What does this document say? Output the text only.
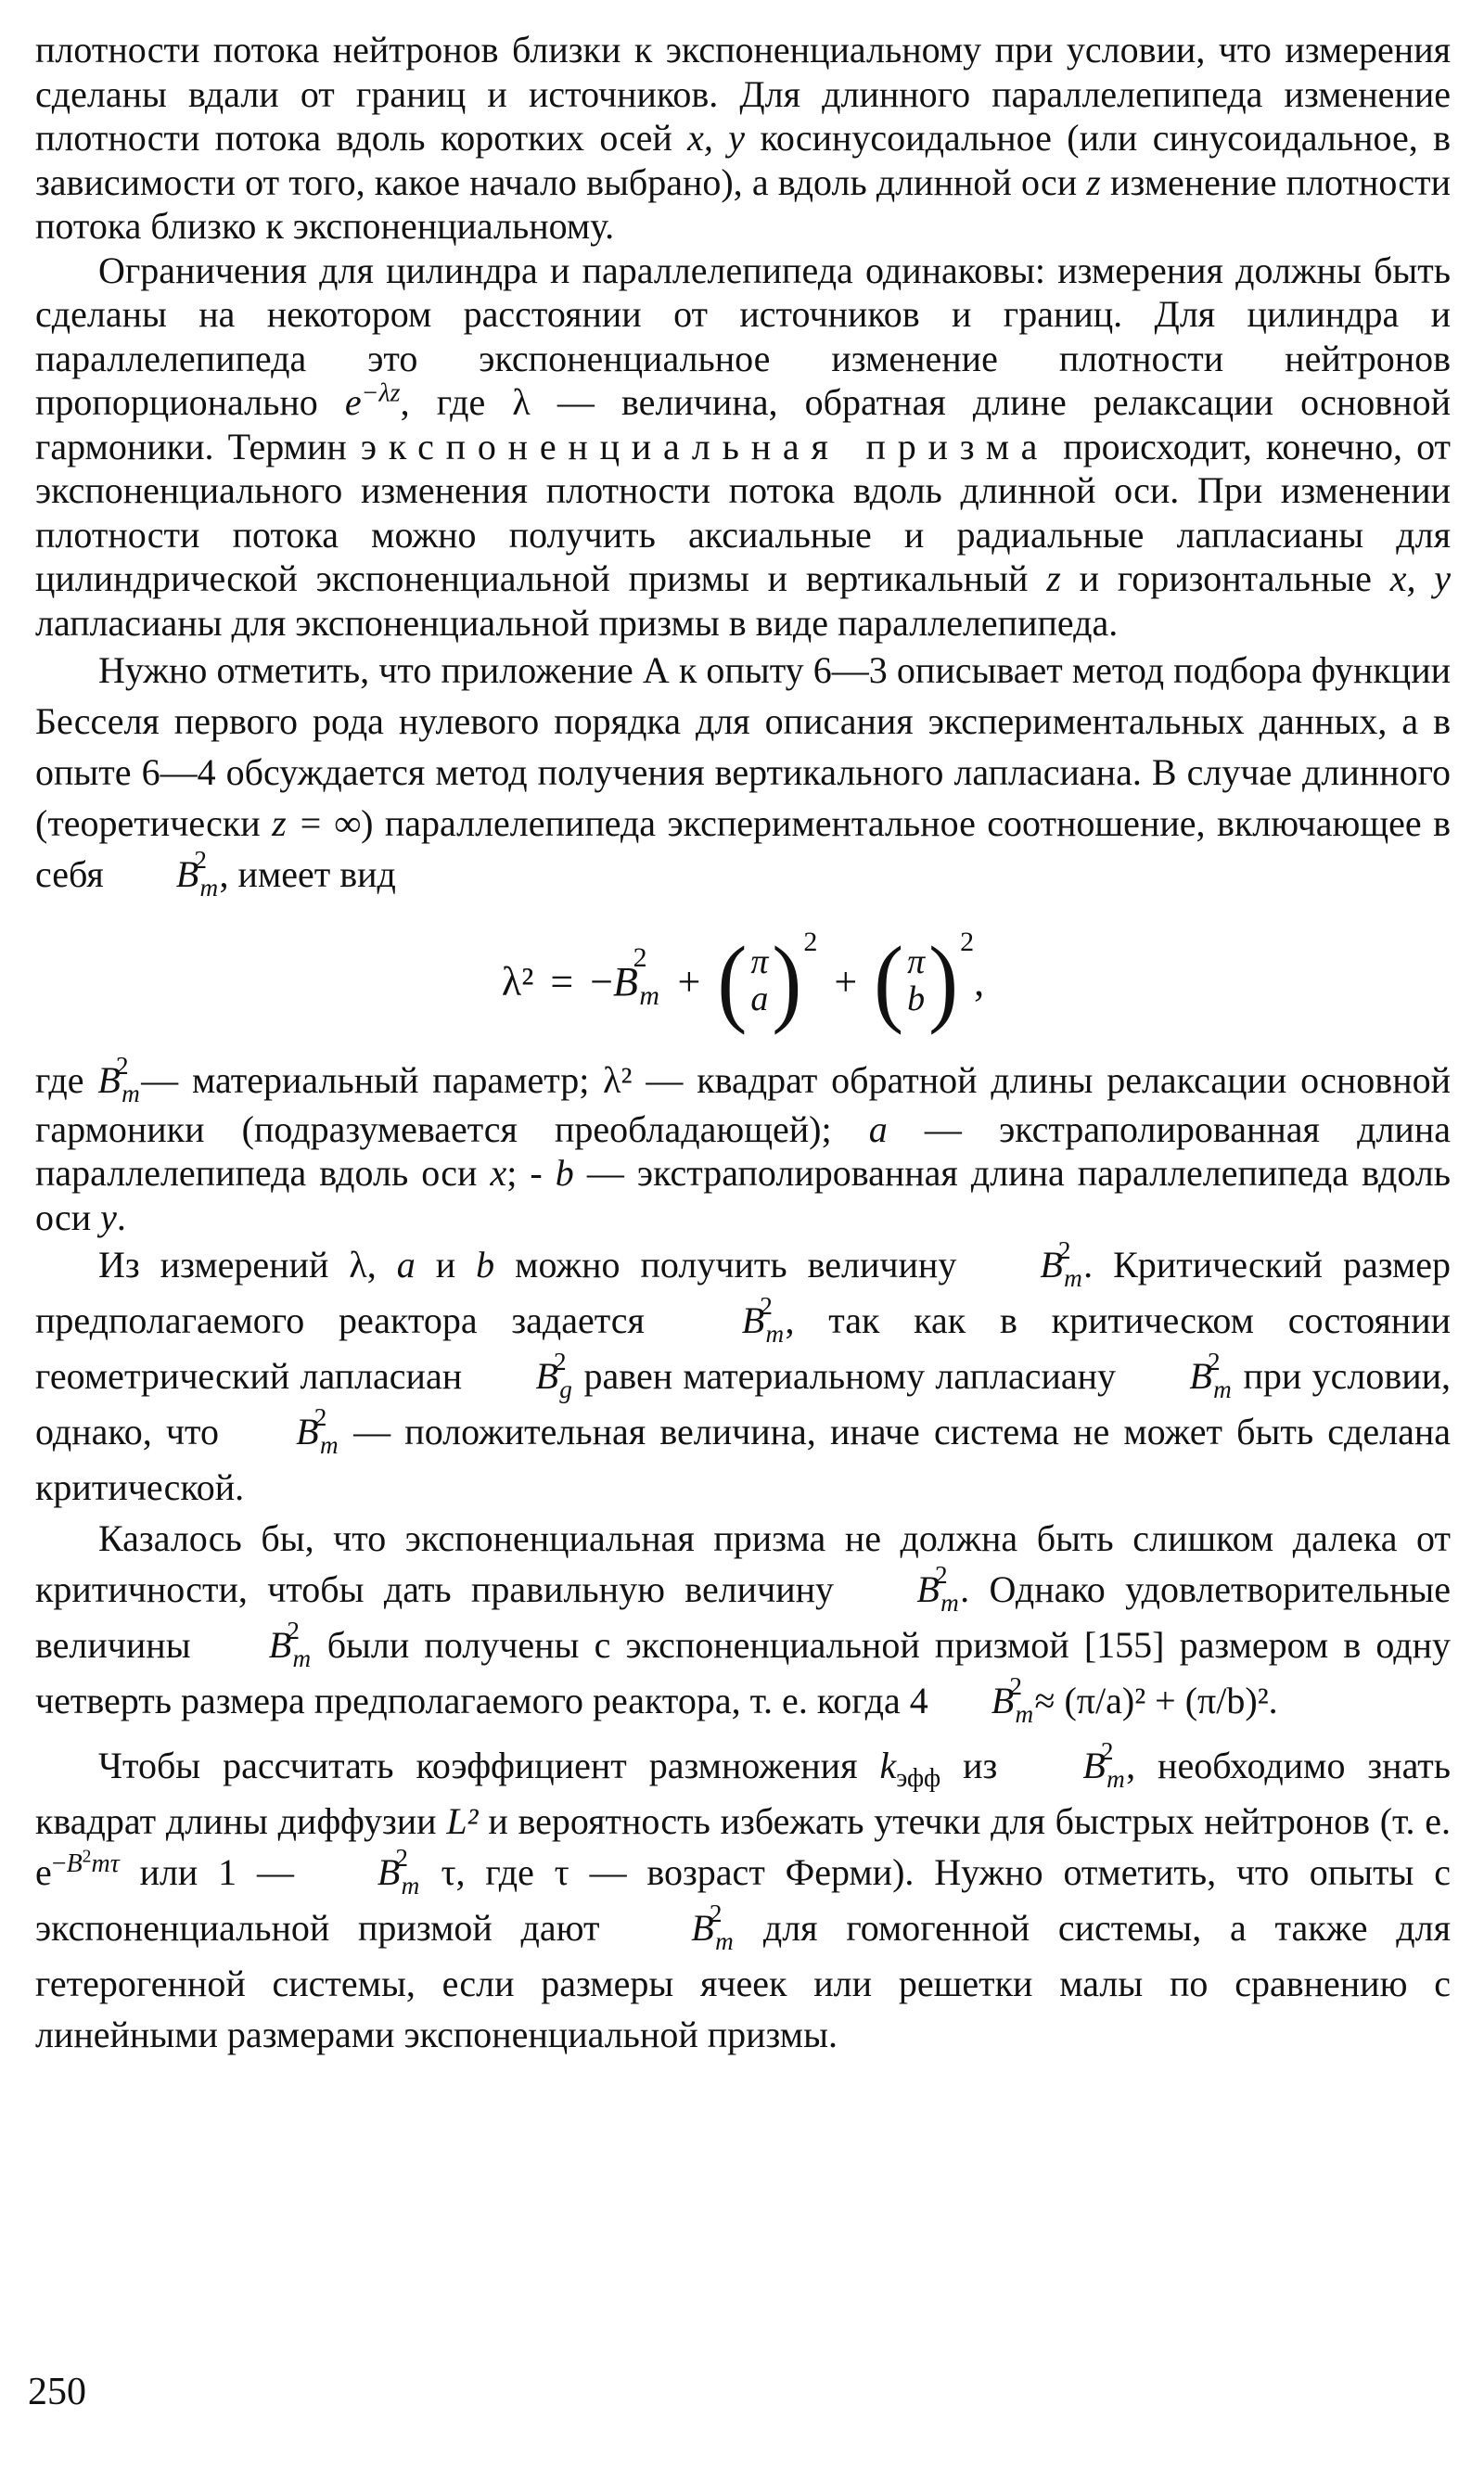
плотности потока нейтронов близки к экспоненциальному при условии, что измерения сделаны вдали от границ и источников. Для длинного параллелепипеда изменение плотности потока вдоль коротких осей x, y косинусоидальное (или синусоидальное, в зависимости от того, какое начало выбрано), а вдоль длинной оси z изменение плотности потока близко к экспоненциальному.

Ограничения для цилиндра и параллелепипеда одинаковы: измерения должны быть сделаны на некотором расстоянии от источников и границ. Для цилиндра и параллелепипеда это экспоненциальное изменение плотности нейтронов пропорционально $e^{-\lambda z}$, где λ — величина, обратная длине релаксации основной гармоники. Термин экспоненциальная призма происходит, конечно, от экспоненциального изменения плотности потока вдоль длинной оси. При изменении плотности потока можно получить аксиальные и радиальные лапласианы для цилиндрической экспоненциальной призмы и вертикальный z и горизонтальные x, y лапласианы для экспоненциальной призмы в виде параллелепипеда.

Нужно отметить, что приложение А к опыту 6—3 описывает метод подбора функции Бесселя первого рода нулевого порядка для описания экспериментальных данных, а в опыте 6—4 обсуждается метод получения вертикального лапласиана. В случае длинного (теоретически z = ∞) параллелепипеда экспериментальное соотношение, включающее в себя B
2
$_m$, имеет вид

λ² = − B
2
$_m$ + ( π
a ) 2
+ ( π
b ) 2
,

где B
2
$_m$— материальный параметр; λ² — квадрат обратной длины релаксации основной гармоники (подразумевается преобладающей); a — экстраполированная длина параллелепипеда вдоль оси x; - b — экстраполированная длина параллелепипеда вдоль оси y.

Из измерений λ, a и b можно получить величину B
2
$_m$. Критический размер предполагаемого реактора задается	B
2
$_m$, так как в критическом состоянии геометрический лапласиан B
2
$_g$ равен материальному лапласиану B
2
$_m$ при условии, однако, что B
2
$_m$ — положительная величина, иначе система не может быть сделана критической.

Казалось бы, что экспоненциальная призма не должна быть слишком далека от критичности, чтобы дать правильную величину B
2
$_m$. Однако удовлетворительные величины B
2
$_m$ были получены с экспоненциальной призмой [155] размером в одну четверть размера предполагаемого реактора, т. е. когда 4 B
2
$_m$≈ (π/a)² + (π/b)².

Чтобы рассчитать коэффициент размножения $k_{эфф}$ из B
2
$_m$, необходимо знать квадрат длины диффузии L² и вероятность избежать утечки для быстрых нейтронов (т. е. $e^{-B^2m\tau}$ или 1 — B
2
$_m$ τ, где τ — возраст Ферми). Нужно отметить, что опыты с экспоненциальной призмой дают B
2
$_m$ для гомогенной системы, а также для гетерогенной системы, если размеры ячеек или решетки малы по сравнению с линейными размерами экспоненциальной призмы.

250
